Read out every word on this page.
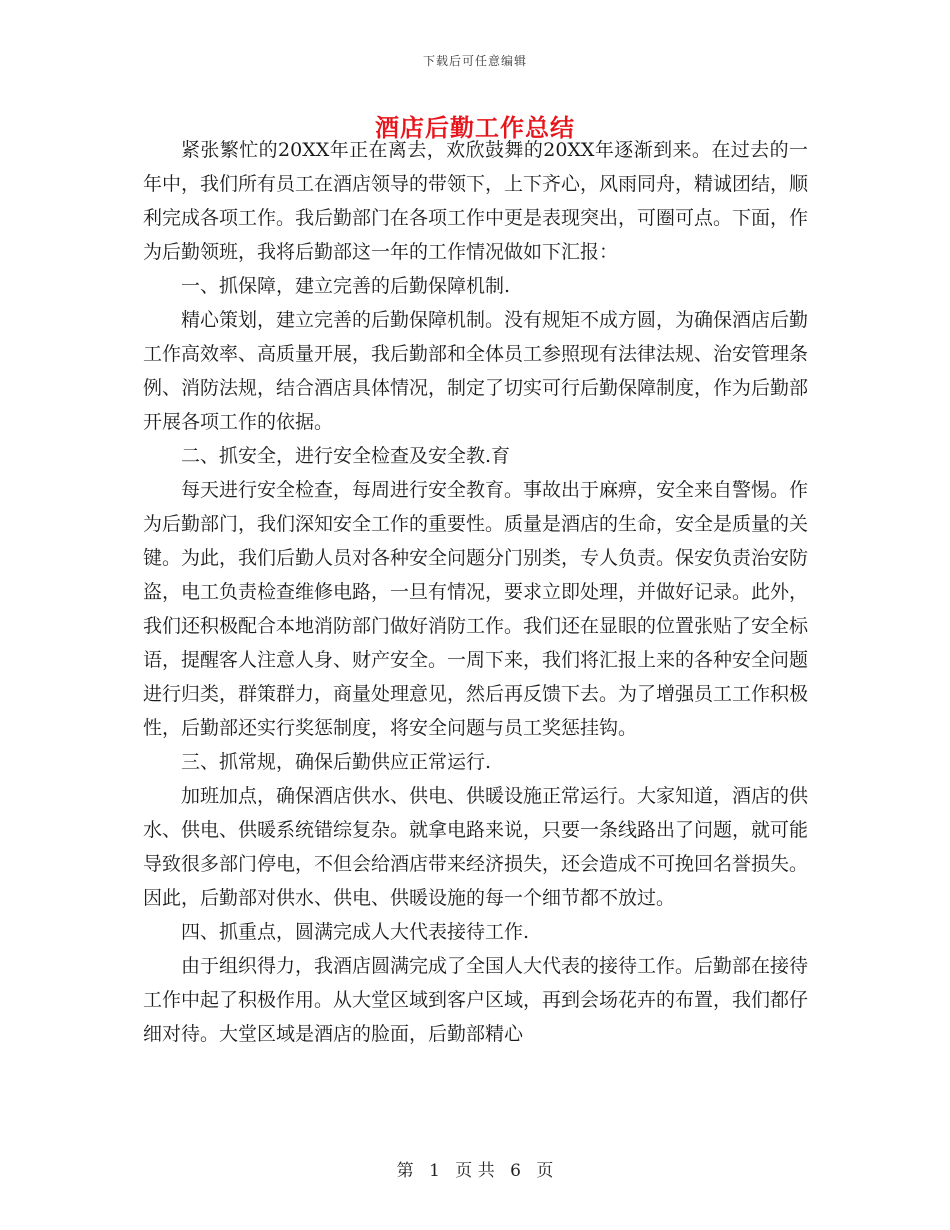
下载后可任意编辑
酒店后勤工作总结

紧张繁忙的20XX年正在离去，欢欣鼓舞的20XX年逐渐到来。在过去的一年中，我们所有员工在酒店领导的带领下，上下齐心，风雨同舟，精诚团结，顺利完成各项工作。我后勤部门在各项工作中更是表现突出，可圈可点。下面，作为后勤领班，我将后勤部这一年的工作情况做如下汇报：

一、抓保障，建立完善的后勤保障机制.

精心策划，建立完善的后勤保障机制。没有规矩不成方圆，为确保酒店后勤工作高效率、高质量开展，我后勤部和全体员工参照现有法律法规、治安管理条例、消防法规，结合酒店具体情况，制定了切实可行后勤保障制度，作为后勤部开展各项工作的依据。

二、抓安全，进行安全检查及安全教.育

每天进行安全检查，每周进行安全教育。事故出于麻痹，安全来自警惕。作为后勤部门，我们深知安全工作的重要性。质量是酒店的生命，安全是质量的关键。为此，我们后勤人员对各种安全问题分门别类，专人负责。保安负责治安防盗，电工负责检查维修电路，一旦有情况，要求立即处理，并做好记录。此外，我们还积极配合本地消防部门做好消防工作。我们还在显眼的位置张贴了安全标语，提醒客人注意人身、财产安全。一周下来，我们将汇报上来的各种安全问题进行归类，群策群力，商量处理意见，然后再反馈下去。为了增强员工工作积极性，后勤部还实行奖惩制度，将安全问题与员工奖惩挂钩。

三、抓常规，确保后勤供应正常运行.

加班加点，确保酒店供水、供电、供暖设施正常运行。大家知道，酒店的供水、供电、供暖系统错综复杂。就拿电路来说，只要一条线路出了问题，就可能导致很多部门停电，不但会给酒店带来经济损失，还会造成不可挽回名誉损失。因此，后勤部对供水、供电、供暖设施的每一个细节都不放过。

四、抓重点，圆满完成人大代表接待工作.

由于组织得力，我酒店圆满完成了全国人大代表的接待工作。后勤部在接待工作中起了积极作用。从大堂区域到客户区域，再到会场花卉的布置，我们都仔细对待。大堂区域是酒店的脸面，后勤部精心

第 1 页 共 6 页
